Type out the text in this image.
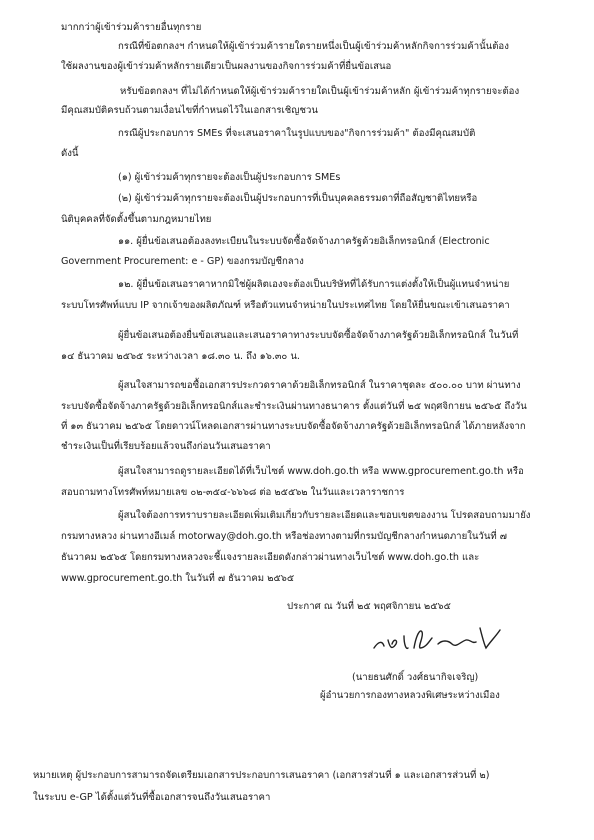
มากกว่าผู้เข้าร่วมค้ารายอื่นทุกราย
กรณีที่ข้อตกลงฯ กำหนดให้ผู้เข้าร่วมค้ารายใดรายหนึ่งเป็นผู้เข้าร่วมค้าหลักกิจการร่วมค้านั้นต้อง
ใช้ผลงานของผู้เข้าร่วมค้าหลักรายเดียวเป็นผลงานของกิจการร่วมค้าที่ยื่นข้อเสนอ
หรับข้อตกลงฯ ที่ไม่ได้กำหนดให้ผู้เข้าร่วมค้ารายใดเป็นผู้เข้าร่วมค้าหลัก ผู้เข้าร่วมค้าทุกรายจะต้อง
มีคุณสมบัติครบถ้วนตามเงื่อนไขที่กำหนดไว้ในเอกสารเชิญชวน
กรณีผู้ประกอบการ SMEs ที่จะเสนอราคาในรูปแบบของ"กิจการร่วมค้า" ต้องมีคุณสมบัติ
ดังนี้
(๑) ผู้เข้าร่วมค้าทุกรายจะต้องเป็นผู้ประกอบการ SMEs
(๒) ผู้เข้าร่วมค้าทุกรายจะต้องเป็นผู้ประกอบการที่เป็นบุคคลธรรมดาที่ถือสัญชาติไทยหรือ
นิติบุคคลที่จัดตั้งขึ้นตามกฎหมายไทย
๑๑. ผู้ยื่นข้อเสนอต้องลงทะเบียนในระบบจัดซื้อจัดจ้างภาครัฐด้วยอิเล็กทรอนิกส์ (Electronic
Government Procurement: e - GP) ของกรมบัญชีกลาง
๑๒. ผู้ยื่นข้อเสนอราคาหากมิใช่ผู้ผลิตเองจะต้องเป็นบริษัทที่ได้รับการแต่งตั้งให้เป็นผู้แทนจำหน่าย
ระบบโทรศัพท์แบบ IP จากเจ้าของผลิตภัณฑ์ หรือตัวแทนจำหน่ายในประเทศไทย โดยให้ยื่นขณะเข้าเสนอราคา
ผู้ยื่นข้อเสนอต้องยื่นข้อเสนอและเสนอราคาทางระบบจัดซื้อจัดจ้างภาครัฐด้วยอิเล็กทรอนิกส์ ในวันที่
๑๔ ธันวาคม ๒๕๖๕ ระหว่างเวลา ๑๘.๓๐ น. ถึง ๑๖.๓๐ น.
ผู้สนใจสามารถขอซื้อเอกสารประกวดราคาด้วยอิเล็กทรอนิกส์ ในราคาชุดละ ๕๐๐.๐๐ บาท ผ่านทาง
ระบบจัดซื้อจัดจ้างภาครัฐด้วยอิเล็กทรอนิกส์และชำระเงินผ่านทางธนาคาร ตั้งแต่วันที่ ๒๕ พฤศจิกายน ๒๕๖๕ ถึงวัน
ที่ ๑๓ ธันวาคม ๒๕๖๕ โดยดาวน์โหลดเอกสารผ่านทางระบบจัดซื้อจัดจ้างภาครัฐด้วยอิเล็กทรอนิกส์ ได้ภายหลังจาก
ชำระเงินเป็นที่เรียบร้อยแล้วจนถึงก่อนวันเสนอราคา
ผู้สนใจสามารถดูรายละเอียดได้ที่เว็บไซต์ www.doh.go.th หรือ www.gprocurement.go.th หรือ
สอบถามทางโทรศัพท์หมายเลข ๐๒-๓๕๔-๖๖๖๘ ต่อ ๒๕๕๖๒ ในวันและเวลาราชการ
ผู้สนใจต้องการทราบรายละเอียดเพิ่มเติมเกี่ยวกับรายละเอียดและขอบเขตของงาน โปรดสอบถามมายัง
กรมทางหลวง ผ่านทางอีเมล์ motorway@doh.go.th หรือช่องทางตามที่กรมบัญชีกลางกำหนดภายในวันที่ ๗
ธันวาคม ๒๕๖๕ โดยกรมทางหลวงจะชี้แจงรายละเอียดดังกล่าวผ่านทางเว็บไซต์ www.doh.go.th และ
www.gprocurement.go.th ในวันที่ ๗ ธันวาคม ๒๕๖๕
ประกาศ ณ วันที่ ๒๕ พฤศจิกายน ๒๕๖๕
(นายธนศักดิ์ วงศ์ธนากิจเจริญ)
ผู้อำนวยการกองทางหลวงพิเศษระหว่างเมือง
หมายเหตุ ผู้ประกอบการสามารถจัดเตรียมเอกสารประกอบการเสนอราคา (เอกสารส่วนที่ ๑ และเอกสารส่วนที่ ๒)
ในระบบ e-GP ได้ตั้งแต่วันที่ซื้อเอกสารจนถึงวันเสนอราคา
